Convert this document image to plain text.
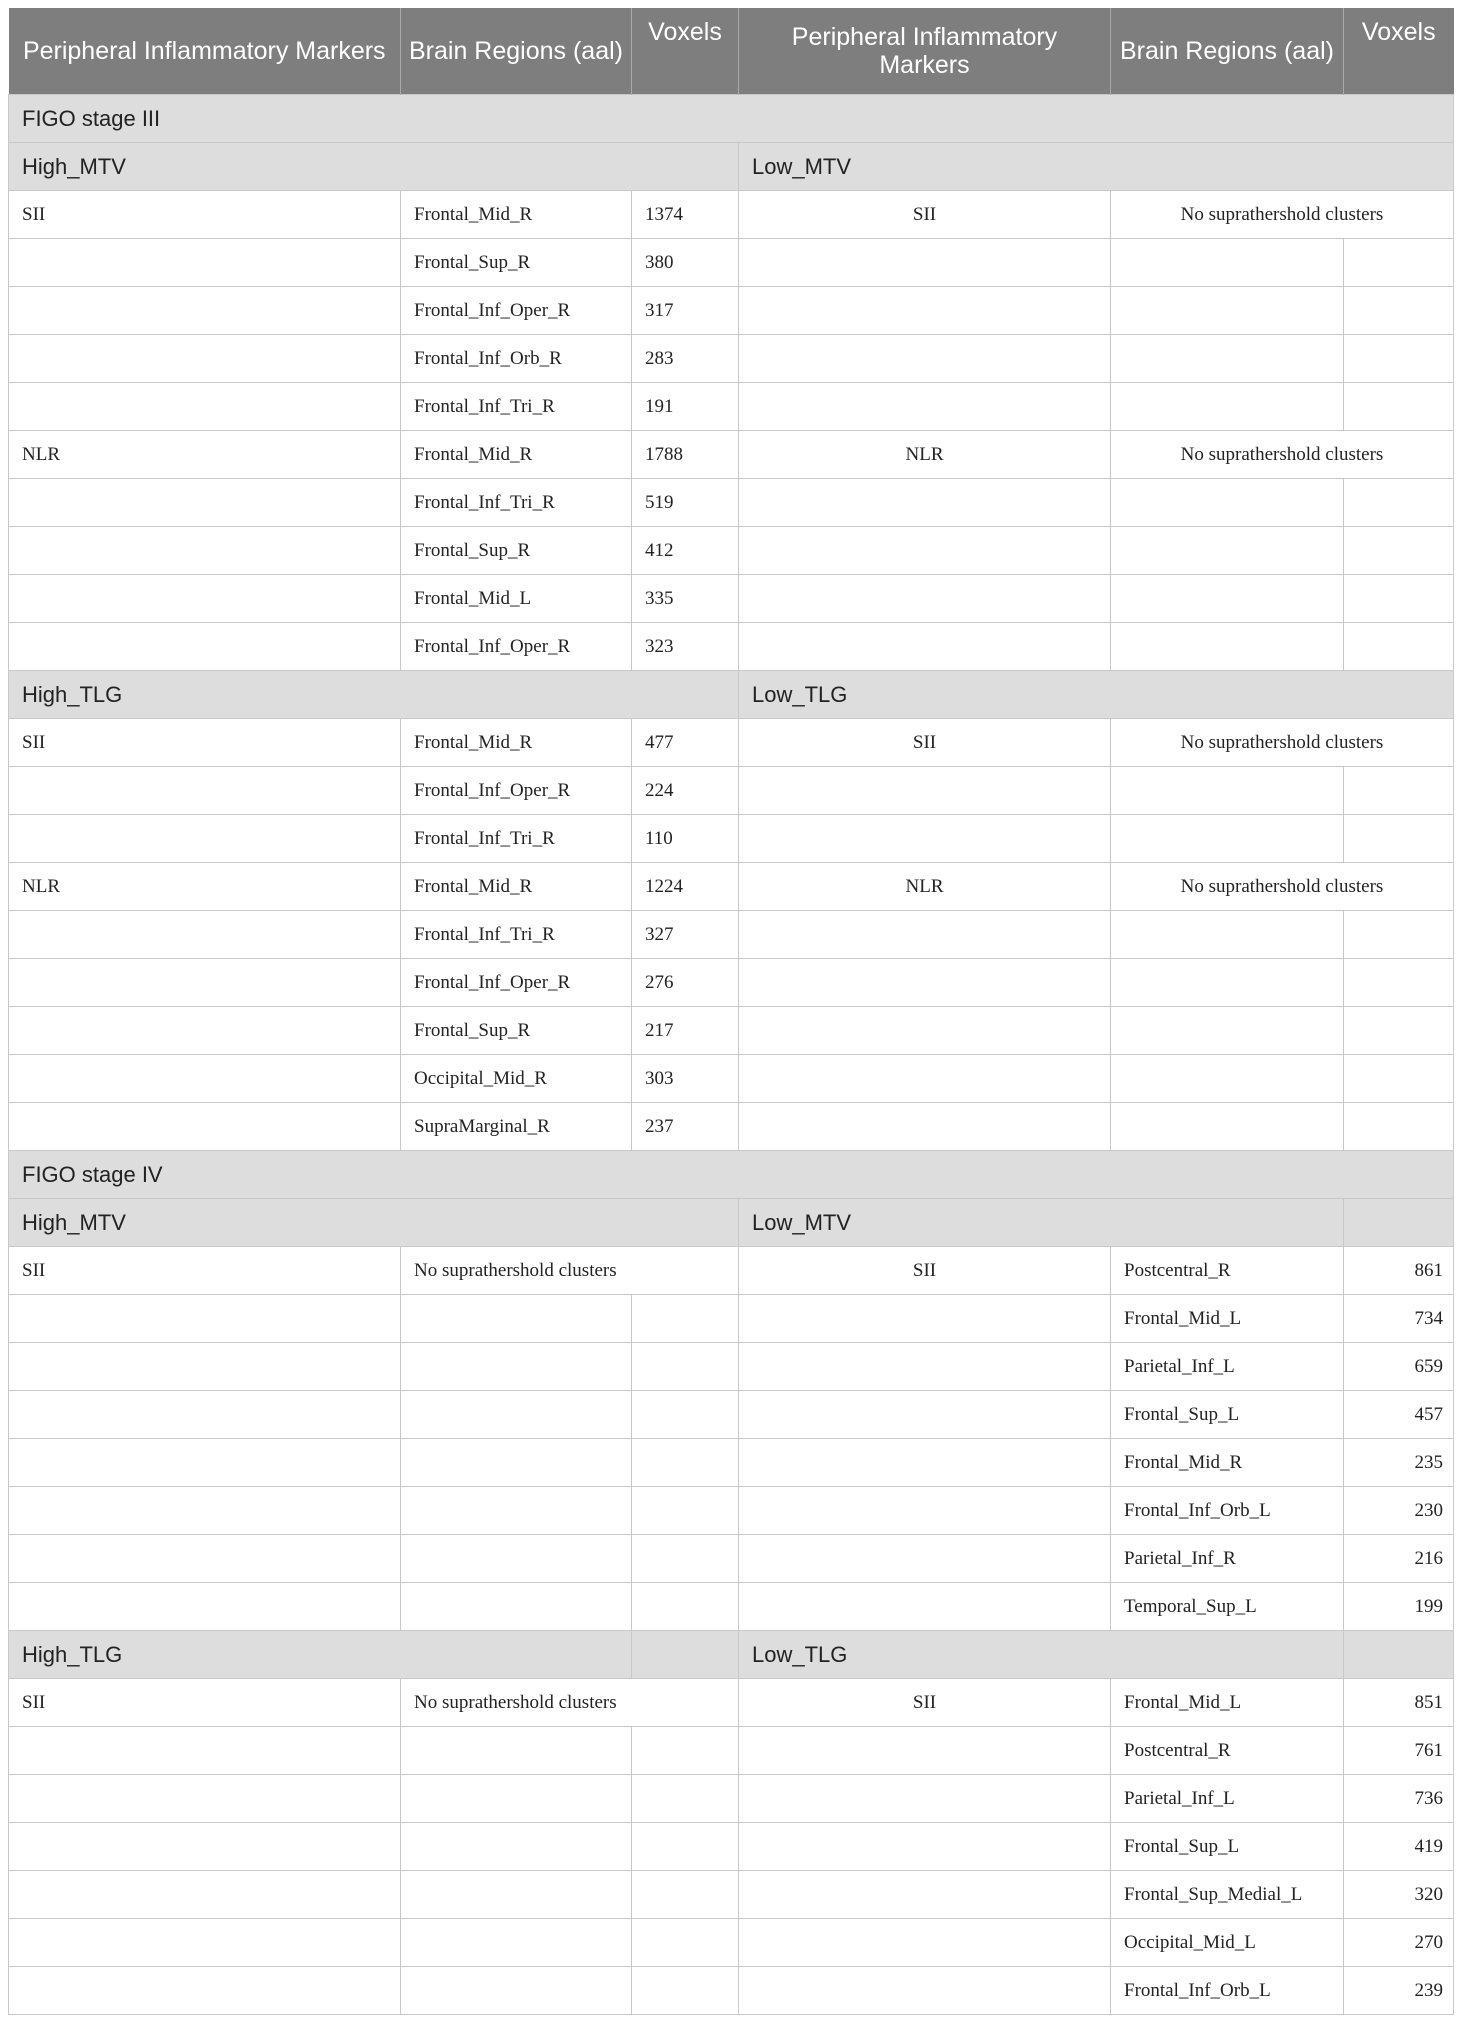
Peripheral Inflammatory Markers	Brain Regions (aal)	Voxels	Peripheral Inflammatory Markers	Brain Regions (aal)	Voxels
FIGO stage III					
High_MTV			Low_MTV		
SII	Frontal_Mid_R	1374	SII	No suprathershold clusters	
	Frontal_Sup_R	380			
	Frontal_Inf_Oper_R	317			
	Frontal_Inf_Orb_R	283			
	Frontal_Inf_Tri_R	191			
NLR	Frontal_Mid_R	1788	NLR	No suprathershold clusters	
	Frontal_Inf_Tri_R	519			
	Frontal_Sup_R	412			
	Frontal_Mid_L	335			
	Frontal_Inf_Oper_R	323			
High_TLG			Low_TLG		
SII	Frontal_Mid_R	477	SII	No suprathershold clusters	
	Frontal_Inf_Oper_R	224			
	Frontal_Inf_Tri_R	110			
NLR	Frontal_Mid_R	1224	NLR	No suprathershold clusters	
	Frontal_Inf_Tri_R	327			
	Frontal_Inf_Oper_R	276			
	Frontal_Sup_R	217			
	Occipital_Mid_R	303			
	SupraMarginal_R	237			
FIGO stage IV					
High_MTV			Low_MTV		
SII	No suprathershold clusters		SII	Postcentral_R	861
				Frontal_Mid_L	734
				Parietal_Inf_L	659
				Frontal_Sup_L	457
				Frontal_Mid_R	235
				Frontal_Inf_Orb_L	230
				Parietal_Inf_R	216
				Temporal_Sup_L	199
High_TLG			Low_TLG		
SII	No suprathershold clusters		SII	Frontal_Mid_L	851
				Postcentral_R	761
				Parietal_Inf_L	736
				Frontal_Sup_L	419
				Frontal_Sup_Medial_L	320
				Occipital_Mid_L	270
				Frontal_Inf_Orb_L	239
